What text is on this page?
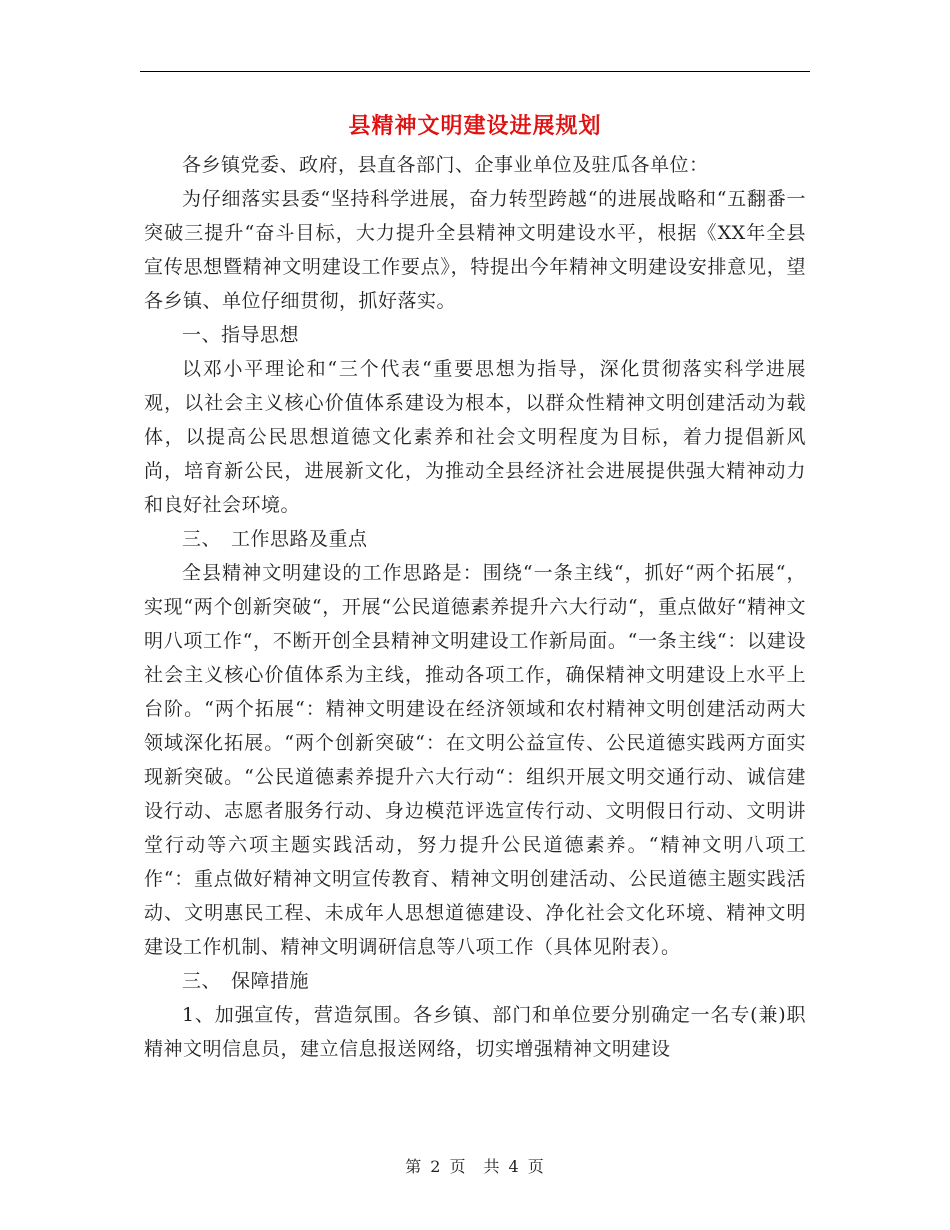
县精神文明建设进展规划

各乡镇党委、政府，县直各部门、企事业单位及驻瓜各单位：

为仔细落实县委“坚持科学进展，奋力转型跨越“的进展战略和“五翻番一突破三提升“奋斗目标，大力提升全县精神文明建设水平，根据《XX年全县宣传思想暨精神文明建设工作要点》，特提出今年精神文明建设安排意见，望各乡镇、单位仔细贯彻，抓好落实。

一、指导思想

以邓小平理论和“三个代表“重要思想为指导，深化贯彻落实科学进展观，以社会主义核心价值体系建设为根本，以群众性精神文明创建活动为载体，以提高公民思想道德文化素养和社会文明程度为目标，着力提倡新风尚，培育新公民，进展新文化，为推动全县经济社会进展提供强大精神动力和良好社会环境。

三、　工作思路及重点

全县精神文明建设的工作思路是：围绕“一条主线“，抓好“两个拓展“，实现“两个创新突破“，开展“公民道德素养提升六大行动“，重点做好“精神文明八项工作“，不断开创全县精神文明建设工作新局面。“一条主线“：以建设社会主义核心价值体系为主线，推动各项工作，确保精神文明建设上水平上台阶。“两个拓展“：精神文明建设在经济领域和农村精神文明创建活动两大领域深化拓展。“两个创新突破“：在文明公益宣传、公民道德实践两方面实现新突破。“公民道德素养提升六大行动“：组织开展文明交通行动、诚信建设行动、志愿者服务行动、身边模范评选宣传行动、文明假日行动、文明讲堂行动等六项主题实践活动，努力提升公民道德素养。“精神文明八项工作“：重点做好精神文明宣传教育、精神文明创建活动、公民道德主题实践活动、文明惠民工程、未成年人思想道德建设、净化社会文化环境、精神文明建设工作机制、精神文明调研信息等八项工作（具体见附表）。

三、　保障措施

1、加强宣传，营造氛围。各乡镇、部门和单位要分别确定一名专(兼)职精神文明信息员，建立信息报送网络，切实增强精神文明建设

第 2 页　共 4 页
